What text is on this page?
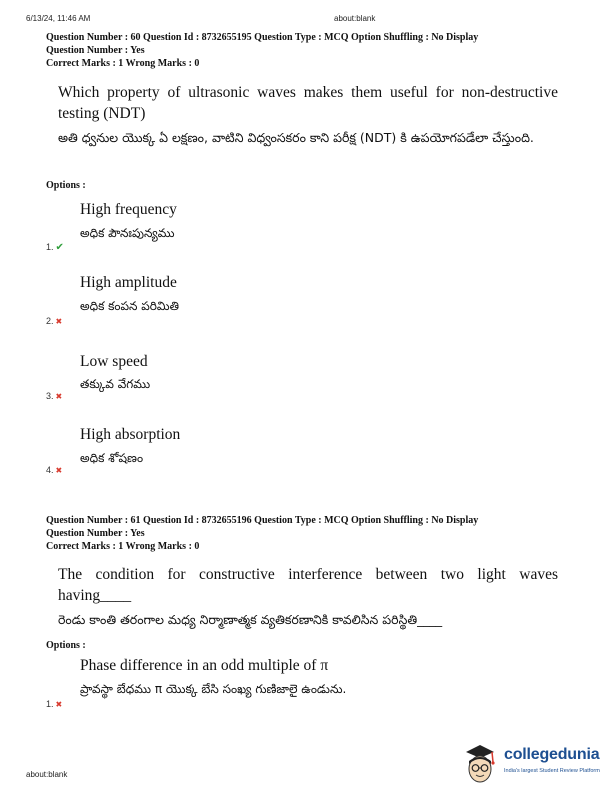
6/13/24, 11:46 AM	about:blank
Question Number : 60 Question Id : 8732655195 Question Type : MCQ Option Shuffling : No Display
Question Number : Yes
Correct Marks : 1 Wrong Marks : 0
Which property of ultrasonic waves makes them useful for non-destructive testing (NDT)
అతి ధ్వనుల యొక్క ఏ లక్షణం, వాటిని విధ్వంసకరం కాని పరీక్ష (NDT) కి ఉపయోగపడేలా చేస్తుంది.
Options :
High frequency
అధిక పౌనఃపున్యము
1. ✔
High amplitude
అధిక కంపన పరిమితి
2. ✖
Low speed
తక్కువ వేగము
3. ✖
High absorption
అధిక శోషణం
4. ✖
Question Number : 61 Question Id : 8732655196 Question Type : MCQ Option Shuffling : No Display
Question Number : Yes
Correct Marks : 1 Wrong Marks : 0
The condition for constructive interference between two light waves having____
రెండు కాంతి తరంగాల మధ్య నిర్మాణాత్మక వ్యతికరణానికి కావలిసిన పరిస్థితి____
Options :
Phase difference in an odd multiple of π
ప్రావస్థా బేధము π యొక్క బేసి సంఖ్య గుణిజాలై ఉండును.
1. ✖
about:blank
collegedunia
India's largest Student Review Platform
